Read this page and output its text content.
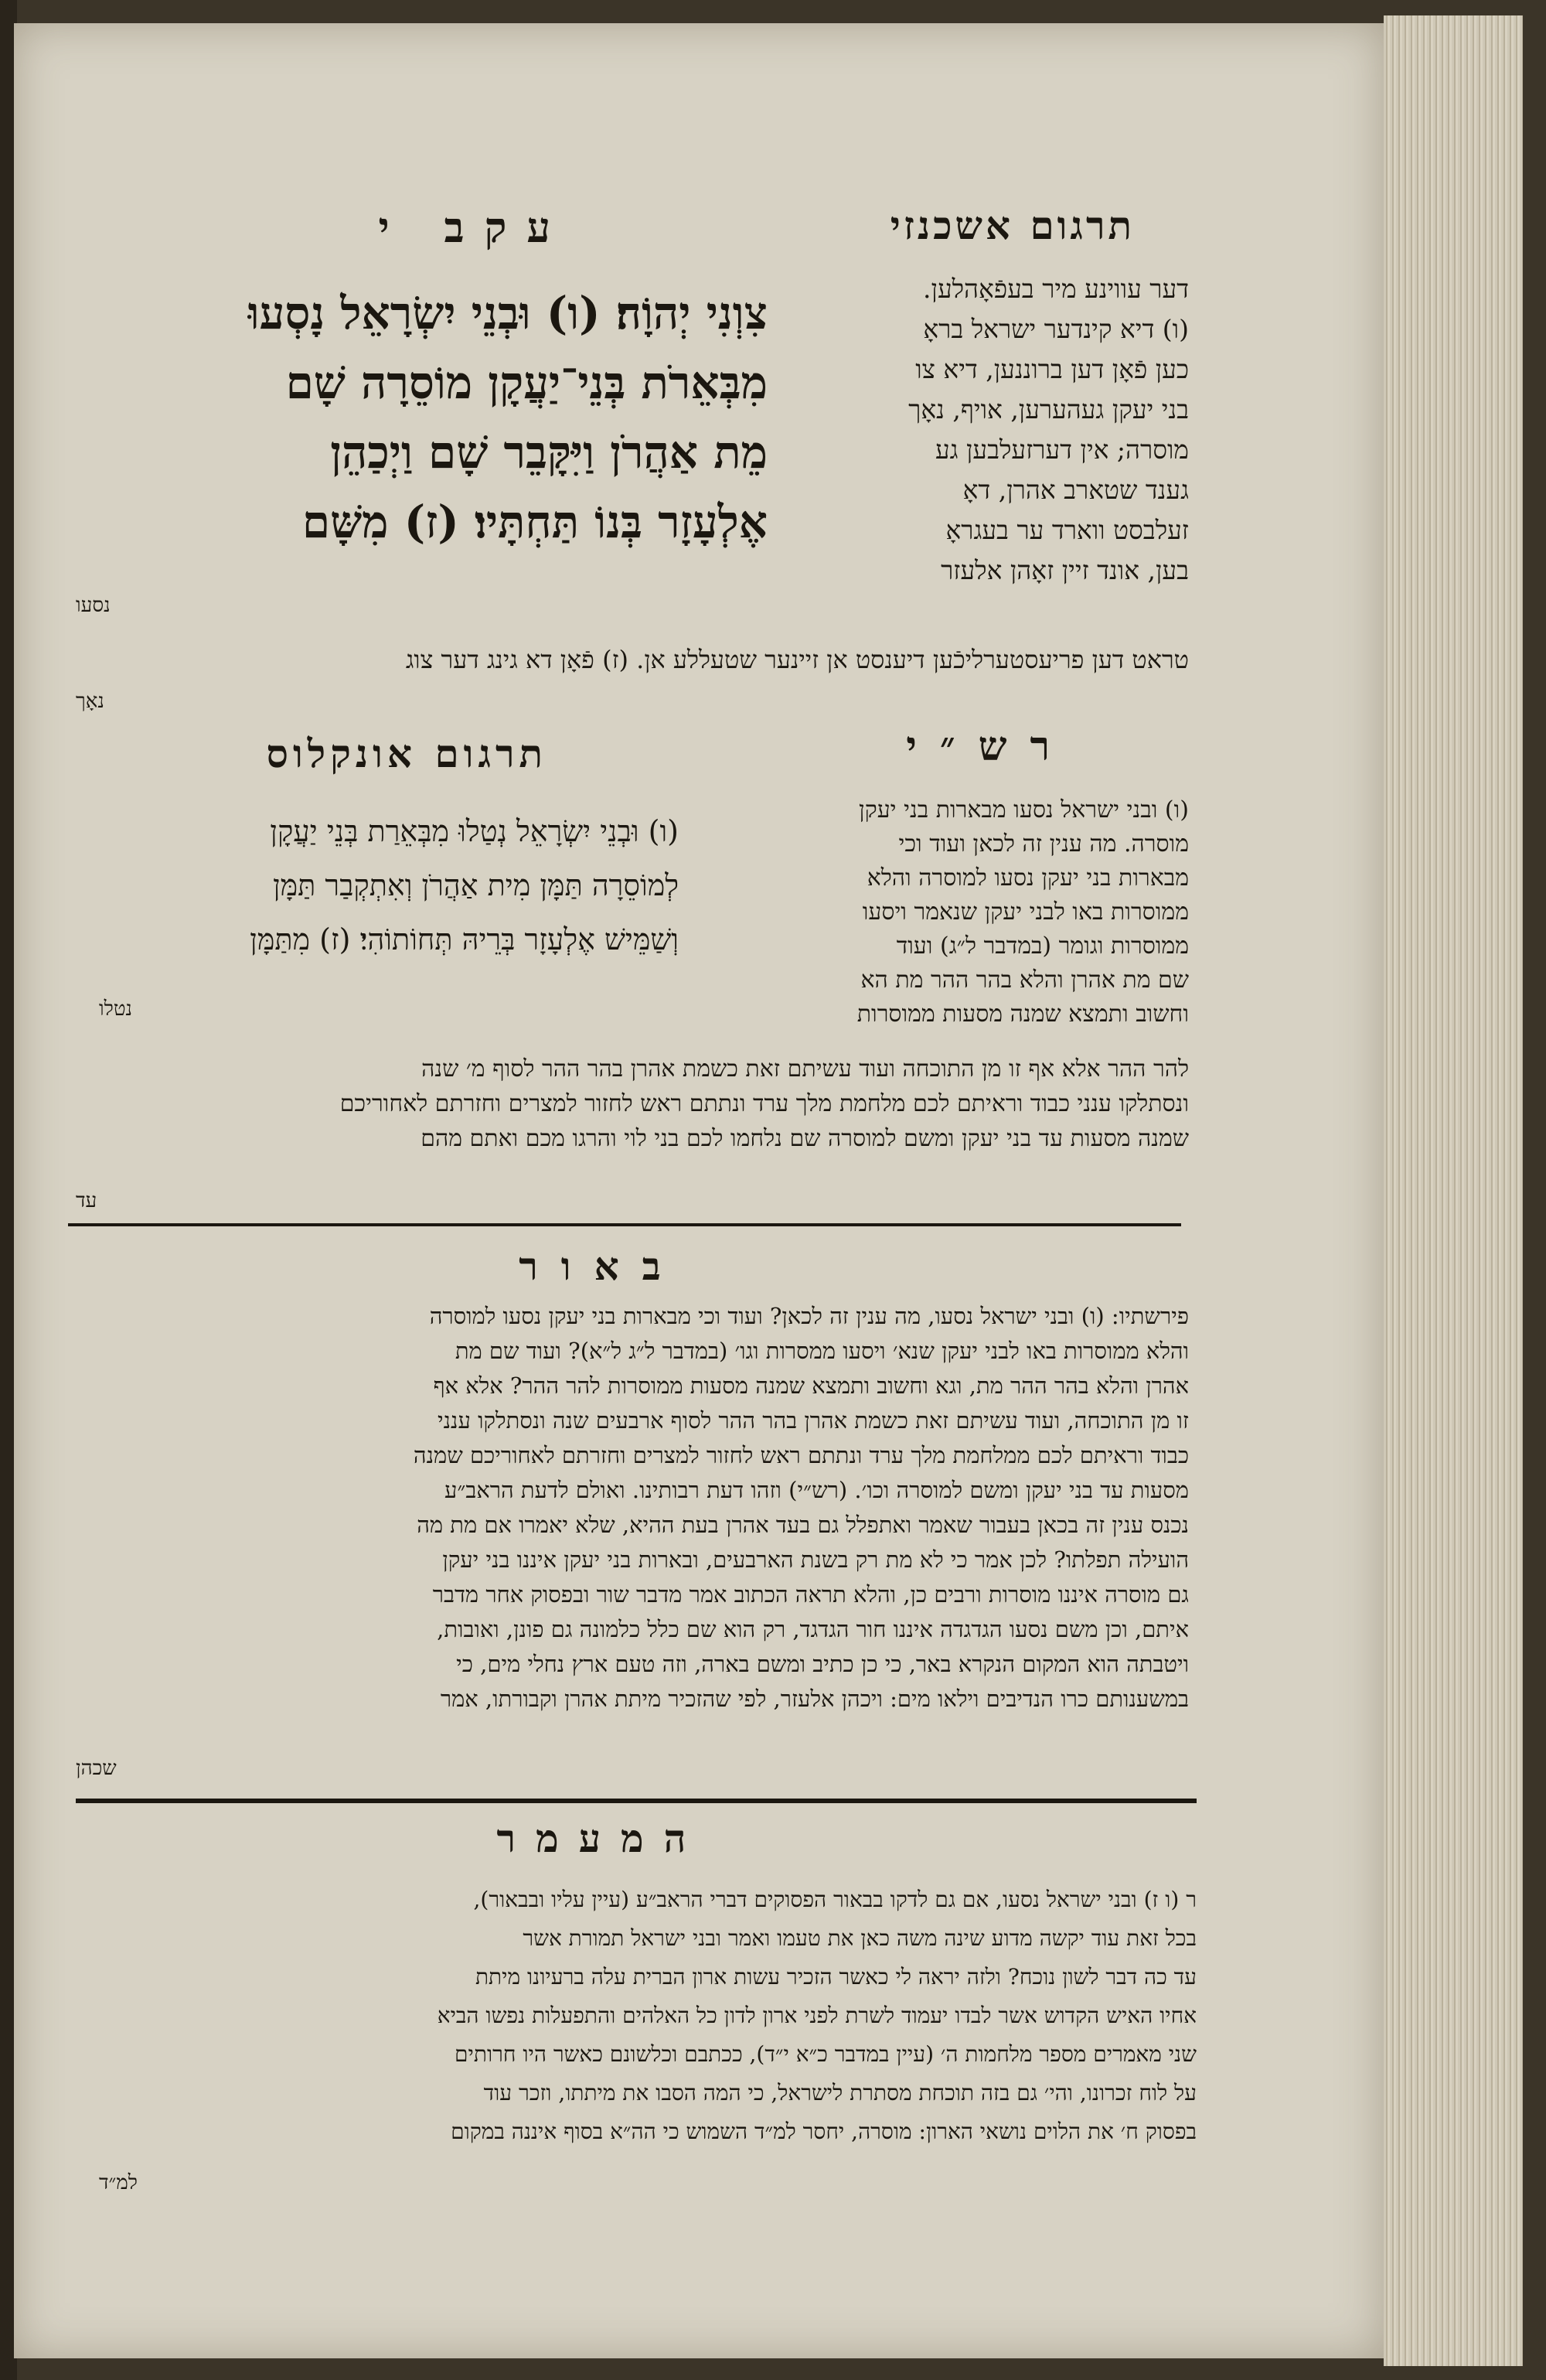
תרגום אשכנזי
עקב י
דער עווינע מיר בעפֿאָהלען.
(ו) דיא קינדער ישראל בראָ
כען פֿאָן דען ברוננען, דיא צו
בני יעקן געהערען, אויף, נאָך
מוסרה; אין דערזעלבען גע
גענד שטארב אהרן, דאָ
זעלבסט ווארד ער בעגראָ
בען, אונד זיין זאָהן אלעזר
צִוְנִי יְהוָֹה׃ (ו) וּבְנֵי יִשְׂרָאֵל נָסְעוּ
מִבְּאֵרֹת בְּנֵי־יַעֲקָן מוֹסֵרָה שָׁם
מֵת אַהֲרֹן וַיִּקָּבֵר שָׁם וַיְכַהֵן
אֶלְעָזָר בְּנוֹ תַּחְתָּיו׃ (ז) מִשָּׁם
נסעו
טראט דען פריעסטערליכֿען דיענסט אן זיינער שטעללע אן. (ז) פֿאָן דא גינג דער צוג
נאָך
רש״י
(ו) ובני ישראל נסעו מבארות בני יעקן
מוסרה. מה ענין זה לכאן ועוד וכי
מבארות בני יעקן נסעו למוסרה והלא
ממוסרות באו לבני יעקן שנאמר ויסעו
ממוסרות וגומר (במדבר ל״ג) ועוד
שם מת אהרן והלא בהר ההר מת הא
וחשוב ותמצא שמנה מסעות ממוסרות
תרגום אונקלוס
(ו) וּבְנֵי יִשְׂרָאֵל נְטַלוּ מִבְּאֵרַת בְּנֵי יַעֲקָן
לְמוֹסֵרָה תַּמָּן מִית אַהֲרֹן וְאִתְקְבַר תַּמָּן
וְשַׁמֵּישׁ אֶלְעָזָר בְּרֵיהּ תְּחוֹתוֹהִי׃ (ז) מִתַּמָּן
נטלו
להר ההר אלא אף זו מן התוכחה ועוד עשיתם זאת כשמת אהרן בהר ההר לסוף מ׳ שנה
ונסתלקו ענני כבוד וראיתם לכם מלחמת מלך ערד ונתתם ראש לחזור למצרים וחזרתם לאחוריכם
שמנה מסעות עד בני יעקן ומשם למוסרה שם נלחמו לכם בני לוי והרגו מכם ואתם מהם
עד
באור
פירשתיו: (ו) ובני ישראל נסעו, מה ענין זה לכאן? ועוד וכי מבארות בני יעקן נסעו למוסרה
והלא ממוסרות באו לבני יעקן שנא׳ ויסעו ממסרות וגו׳ (במדבר ל״ג ל״א)? ועוד שם מת
אהרן והלא בהר ההר מת, וגא וחשוב ותמצא שמנה מסעות ממוסרות להר ההר? אלא אף
זו מן התוכחה, ועוד עשיתם זאת כשמת אהרן בהר ההר לסוף ארבעים שנה ונסתלקו ענני
כבוד וראיתם לכם ממלחמת מלך ערד ונתתם ראש לחזור למצרים וחזרתם לאחוריכם שמנה
מסעות עד בני יעקן ומשם למוסרה וכו׳. (רש״י) וזהו דעת רבותינו. ואולם לדעת הראב״ע
נכנס ענין זה בכאן בעבור שאמר ואתפלל גם בעד אהרן בעת ההיא, שלא יאמרו אם מת מה
הועילה תפלתו? לכן אמר כי לא מת רק בשנת הארבעים, ובארות בני יעקן איננו בני יעקן
גם מוסרה איננו מוסרות ורבים כן, והלא תראה הכתוב אמר מדבר שור ובפסוק אחר מדבר
איתם, וכן משם נסעו הגדגדה איננו חור הגדגד, רק הוא שם כלל כלמונה גם פונן, ואובות,
ויטבתה הוא המקום הנקרא באר, כי כן כתיב ומשם בארה, וזה טעם ארץ נחלי מים, כי
במשענותם כרו הנדיבים וילאו מים: ויכהן אלעזר, לפי שהזכיר מיתת אהרן וקבורתו, אמר
שכהן
המעמר
ר (ו ז) ובני ישראל נסעו, אם גם לדקו בבאור הפסוקים דברי הראב״ע (עיין עליו ובבאור),
בכל זאת עוד יקשה מדוע שינה משה כאן את טעמו ואמר ובני ישראל תמורת אשר
עד כה דבר לשון נוכח? ולזה יראה לי כאשר הזכיר עשות ארון הברית עלה ברעיונו מיתת
אחיו האיש הקדוש אשר לבדו יעמוד לשרת לפני ארון לדון כל האלהים והתפעלות נפשו הביא
שני מאמרים מספר מלחמות ה׳ (עיין במדבר כ״א י״ד), ככתבם וכלשונם כאשר היו חרותים
על לוח זכרונו, והי׳ גם בזה תוכחת מסתרת לישראל, כי המה הסבו את מיתתו, וזכר עוד
בפסוק ח׳ את הלוים נושאי הארון: מוסרה, יחסר למ״ד השמוש כי הה״א בסוף איננה במקום
למ״ד
